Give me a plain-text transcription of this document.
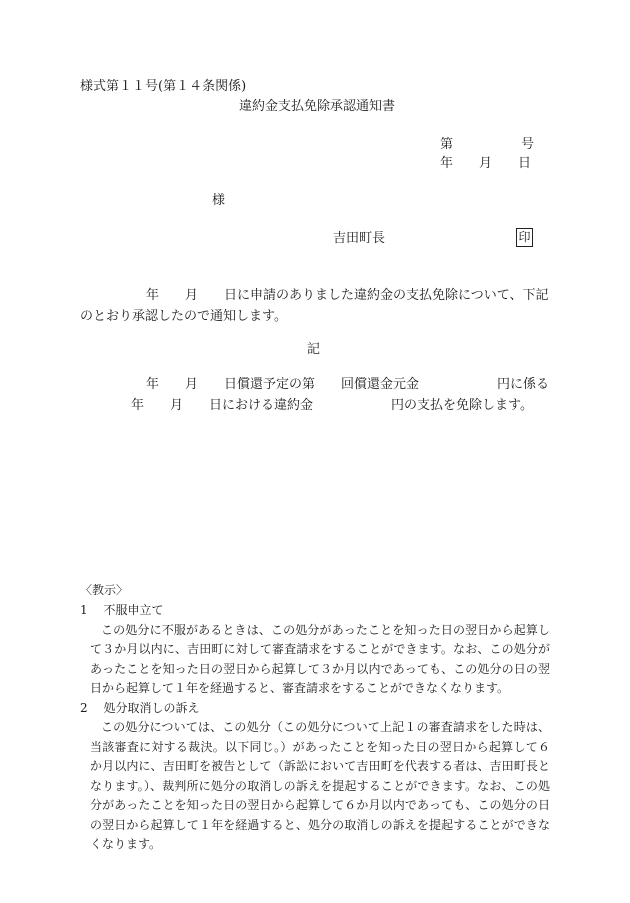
様式第１１号(第１４条関係)
違約金支払免除承認通知書
第	号
年 月 日
様
吉田町長	印
年　　月　　日に申請のありました違約金の支払免除について、下記のとおり承認したので通知します。
記
年　　月　　日償還予定の第　　回償還金元金　　　　　　円に係る
年　　月　　日における違約金　　　　　　円の支払を免除します。
〈教示〉
1　 不服申立て
この処分に不服があるときは、この処分があったことを知った日の翌日から起算して３か月以内に、吉田町に対して審査請求をすることができます。なお、この処分があったことを知った日の翌日から起算して３か月以内であっても、この処分の日の翌日から起算して１年を経過すると、審査請求をすることができなくなります。
2　 処分取消しの訴え
この処分については、この処分（この処分について上記１の審査請求をした時は、当該審査に対する裁決。以下同じ。）があったことを知った日の翌日から起算して６か月以内に、吉田町を被告として（訴訟において吉田町を代表する者は、吉田町長となります。）、裁判所に処分の取消しの訴えを提起することができます。なお、この処分があったことを知った日の翌日から起算して６か月以内であっても、この処分の日の翌日から起算して１年を経過すると、処分の取消しの訴えを提起することができなくなります。
